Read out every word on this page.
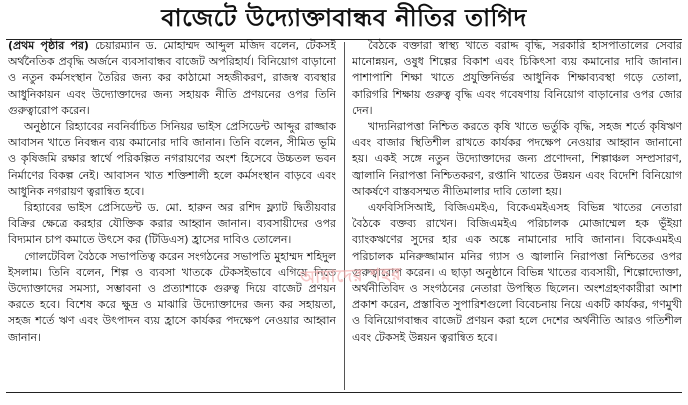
বাজেটে উদ্যোক্তাবান্ধব নীতির তাগিদ

(প্রথম পৃষ্ঠার পর) চেয়ারম্যান ড. মোহাম্মদ আব্দুল মজিদ বলেন, টেকসই অর্থনৈতিক প্রবৃদ্ধি অর্জনে ব্যবসাবান্ধব বাজেট অপরিহার্য। বিনিয়োগ বাড়ানো ও নতুন কর্মসংস্থান তৈরির জন্য কর কাঠামো সহজীকরণ, রাজস্ব ব্যবস্থার আধুনিকায়ন এবং উদ্যোক্তাদের জন্য সহায়ক নীতি প্রণয়নের ওপর তিনি গুরুত্বারোপ করেন।

অনুষ্ঠানে রিহ্যাবের নবনির্বাচিত সিনিয়র ভাইস প্রেসিডেন্ট আব্দুর রাজ্জাক আবাসন খাতে নিবন্ধন ব্যয় কমানোর দাবি জানান। তিনি বলেন, সীমিত ভূমি ও কৃষিজমি রক্ষার স্বার্থে পরিকল্পিত নগরায়ণের অংশ হিসেবে উচ্চতল ভবন নির্মাণের বিকল্প নেই। আবাসন খাত শক্তিশালী হলে কর্মসংস্থান বাড়বে এবং আধুনিক নগরায়ণ ত্বরান্বিত হবে।

রিহ্যাবের ভাইস প্রেসিডেন্ট ড. মো. হারুন অর রশিদ ফ্ল্যাট দ্বিতীয়বার বিক্রির ক্ষেত্রে করহার যৌক্তিক করার আহ্বান জানান। ব্যবসায়ীদের ওপর বিদ্যমান চাপ কমাতে উৎসে কর (টিডিএস) হ্রাসের দাবিও তোলেন।

গোলটেবিল বৈঠকে সভাপতিত্ব করেন সংগঠনের সভাপতি মুহাম্মদ শহিদুল ইসলাম। তিনি বলেন, শিল্প ও ব্যবসা খাতকে টেকসইভাবে এগিয়ে নিতে উদ্যোক্তাদের সমস্যা, সম্ভাবনা ও প্রত্যাশাকে গুরুত্ব দিয়ে বাজেট প্রণয়ন করতে হবে। বিশেষ করে ক্ষুদ্র ও মাঝারি উদ্যোক্তাদের জন্য কর সহায়তা, সহজ শর্তে ঋণ এবং উৎপাদন ব্যয় হ্রাসে কার্যকর পদক্ষেপ নেওয়ার আহ্বান জানান।

বৈঠকে বক্তারা স্বাস্থ্য খাতে বরাদ্দ বৃদ্ধি, সরকারি হাসপাতালের সেবার মানোন্নয়ন, ওষুধ শিল্পের বিকাশ এবং চিকিৎসা ব্যয় কমানোর দাবি জানান। পাশাপাশি শিক্ষা খাতে প্রযুক্তিনির্ভর আধুনিক শিক্ষাব্যবস্থা গড়ে তোলা, কারিগরি শিক্ষায় গুরুত্ব বৃদ্ধি এবং গবেষণায় বিনিয়োগ বাড়ানোর ওপর জোর দেন।

খাদ্যনিরাপত্তা নিশ্চিত করতে কৃষি খাতে ভর্তুকি বৃদ্ধি, সহজ শর্তে কৃষিঋণ এবং বাজার স্থিতিশীল রাখতে কার্যকর পদক্ষেপ নেওয়ার আহ্বান জানানো হয়। একই সঙ্গে নতুন উদ্যোক্তাদের জন্য প্রণোদনা, শিল্পাঞ্চল সম্প্রসারণ, জ্বালানি নিরাপত্তা নিশ্চিতকরণ, রপ্তানি খাতের উন্নয়ন এবং বিদেশি বিনিয়োগ আকর্ষণে বাস্তবসম্মত নীতিমালার দাবি তোলা হয়।

এফবিসিসিআই, বিজিএমইএ, বিকেএমইএসহ বিভিন্ন খাতের নেতারা বৈঠকে বক্তব্য রাখেন। বিজিএমইএ পরিচালক মোজাম্মেল হক ভূঁইয়া ব্যাংকঋণের সুদের হার এক অঙ্কে নামানোর দাবি জানান। বিকেএমইএ পরিচালক মনিরুজ্জামান মনির গ্যাস ও জ্বালানি নিরাপত্তা নিশ্চিতের ওপর গুরুত্বারোপ করেন। এ ছাড়া অনুষ্ঠানে বিভিন্ন খাতের ব্যবসায়ী, শিল্পোদ্যোক্তা, অর্থনীতিবিদ ও সংগঠনের নেতারা উপস্থিত ছিলেন। অংশগ্রহণকারীরা আশা প্রকাশ করেন, প্রস্তাবিত সুপারিশগুলো বিবেচনায় নিয়ে একটি কার্যকর, গণমুখী ও বিনিয়োগবান্ধব বাজেট প্রণয়ন করা হলে দেশের অর্থনীতি আরও গতিশীল এবং টেকসই উন্নয়ন ত্বরান্বিত হবে।

আমাদের শহর
